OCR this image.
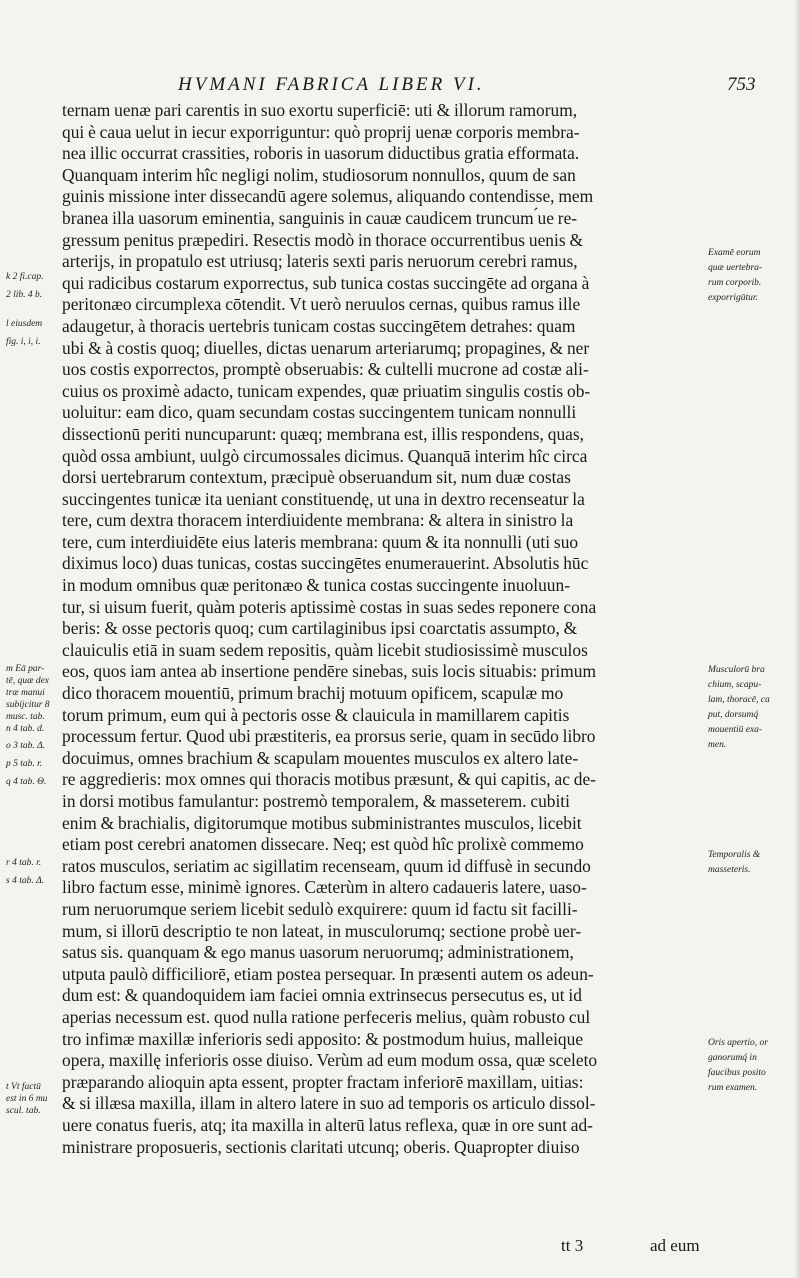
HVMANI FABRICA LIBER VI.	753
ternam uenæ pari carentis in suo exortu superficiē: uti & illorum ramorum,
qui è caua uelut in iecur exporriguntur: quò proprij uenæ corporis membra-
nea illic occurrat crassities, roboris in uasorum diductibus gratia efformata.
Quanquam interim hîc negligi nolim, studiosorum nonnullos, quum de san
guinis missione inter dissecandū agere solemus, aliquando contendisse, mem
branea illa uasorum eminentia, sanguinis in cauæ caudicem truncum ́ue re-
gressum penitus præpediri. Resectis modò in thorace occurrentibus uenis &
arterijs, in propatulo est utriusq; lateris sexti paris neruorum cerebri ramus,
qui radicibus costarum exporrectus, sub tunica costas succingēte ad organa à
peritonæo circumplexa cōtendit. Vt uerò neruulos cernas, quibus ramus ille
adaugetur, à thoracis uertebris tunicam costas succingētem detrahes: quam
ubi & à costis quoq; diuelles, dictas uenarum arteriarumq; propagines, & ner
uos costis exporrectos, promptè obseruabis: & cultelli mucrone ad costæ ali-
cuius os proximè adacto, tunicam expendes, quæ priuatim singulis costis ob-
uoluitur: eam dico, quam secundam costas succingentem tunicam nonnulli
dissectionū periti nuncuparunt: quæq; membrana est, illis respondens, quas,
quòd ossa ambiunt, uulgò circumossales dicimus. Quanquā interim hîc circa
dorsi uertebrarum contextum, præcipuè obseruandum sit, num duæ costas
succingentes tunicæ ita ueniant constituendę, ut una in dextro recenseatur la
tere, cum dextra thoracem interdiuidente membrana: & altera in sinistro la
tere, cum interdiuidēte eius lateris membrana: quum & ita nonnulli (uti suo
diximus loco) duas tunicas, costas succingētes enumerauerint. Absolutis hūc
in modum omnibus quæ peritonæo & tunica costas succingente inuoluun-
tur, si uisum fuerit, quàm poteris aptissimè costas in suas sedes reponere cona
beris: & osse pectoris quoq; cum cartilaginibus ipsi coarctatis assumpto, &
clauiculis etiā in suam sedem repositis, quàm licebit studiosissimè musculos
eos, quos iam antea ab insertione pendēre sinebas, suis locis situabis: primum
dico thoracem mouentiū, primum brachij motuum opificem, scapulæ mo
torum primum, eum qui à pectoris osse & clauicula in mamillarem capitis
processum fertur. Quod ubi præstiteris, ea prorsus serie, quam in secūdo libro
docuimus, omnes brachium & scapulam mouentes musculos ex altero late-
re aggredieris: mox omnes qui thoracis motibus præsunt, & qui capitis, ac de-
in dorsi motibus famulantur: postremò temporalem, & masseterem. cubiti
enim & brachialis, digitorumque motibus subministrantes musculos, licebit
etiam post cerebri anatomen dissecare. Neq; est quòd hîc prolixè commemo
ratos musculos, seriatim ac sigillatim recenseam, quum id diffusè in secundo
libro factum esse, minimè ignores. Cæterùm in altero cadaueris latere, uaso-
rum neruorumque seriem licebit sedulò exquirere: quum id factu sit facilli-
mum, si illorū descriptio te non lateat, in musculorumq; sectione probè uer-
satus sis. quanquam & ego manus uasorum neruorumq; administrationem,
utputa paulò difficiliorē, etiam postea persequar. In præsenti autem os adeun-
dum est: & quandoquidem iam faciei omnia extrinsecus persecutus es, ut id
aperias necessum est. quod nulla ratione perfeceris melius, quàm robusto cul
tro infimæ maxillæ inferioris sedi apposito: & postmodum huius, malleique
opera, maxillę inferioris osse diuiso. Verùm ad eum modum ossa, quæ sceleto
præparando alioquin apta essent, propter fractam inferiorē maxillam, uitias:
& si illæsa maxilla, illam in altero latere in suo ad temporis os articulo dissol-
uere conatus fueris, atq; ita maxilla in alterū latus reflexa, quæ in ore sunt ad-
ministrare proposueris, sectionis claritati utcunq; oberis. Quapropter diuiso
k 2 fi.cap.
2 lib. 4 b.
l eiusdem
fig. i, i, i.
m Eā par-
tē, quæ dex
træ manui
subijcitur 8
musc. tab.
n 4 tab. d.
o 3 tab. Δ.
p 5 tab. r.
q 4 tab. Θ.
r 4 tab. r.
s 4 tab. Δ.
t Vt factū
est in 6 mu
scul. tab.
Examē eorum
quæ uertebra-
rum corporib.
exporrigūtur.
Musculorū bra
chium, scapu-
lam, thoracē, ca
put, dorsumq́
mouentiū exa-
men.
Temporalis &
masseteris.
Oris apertio, or
ganorumq́ in
faucibus posito
rum examen.
tt 3	ad eum
